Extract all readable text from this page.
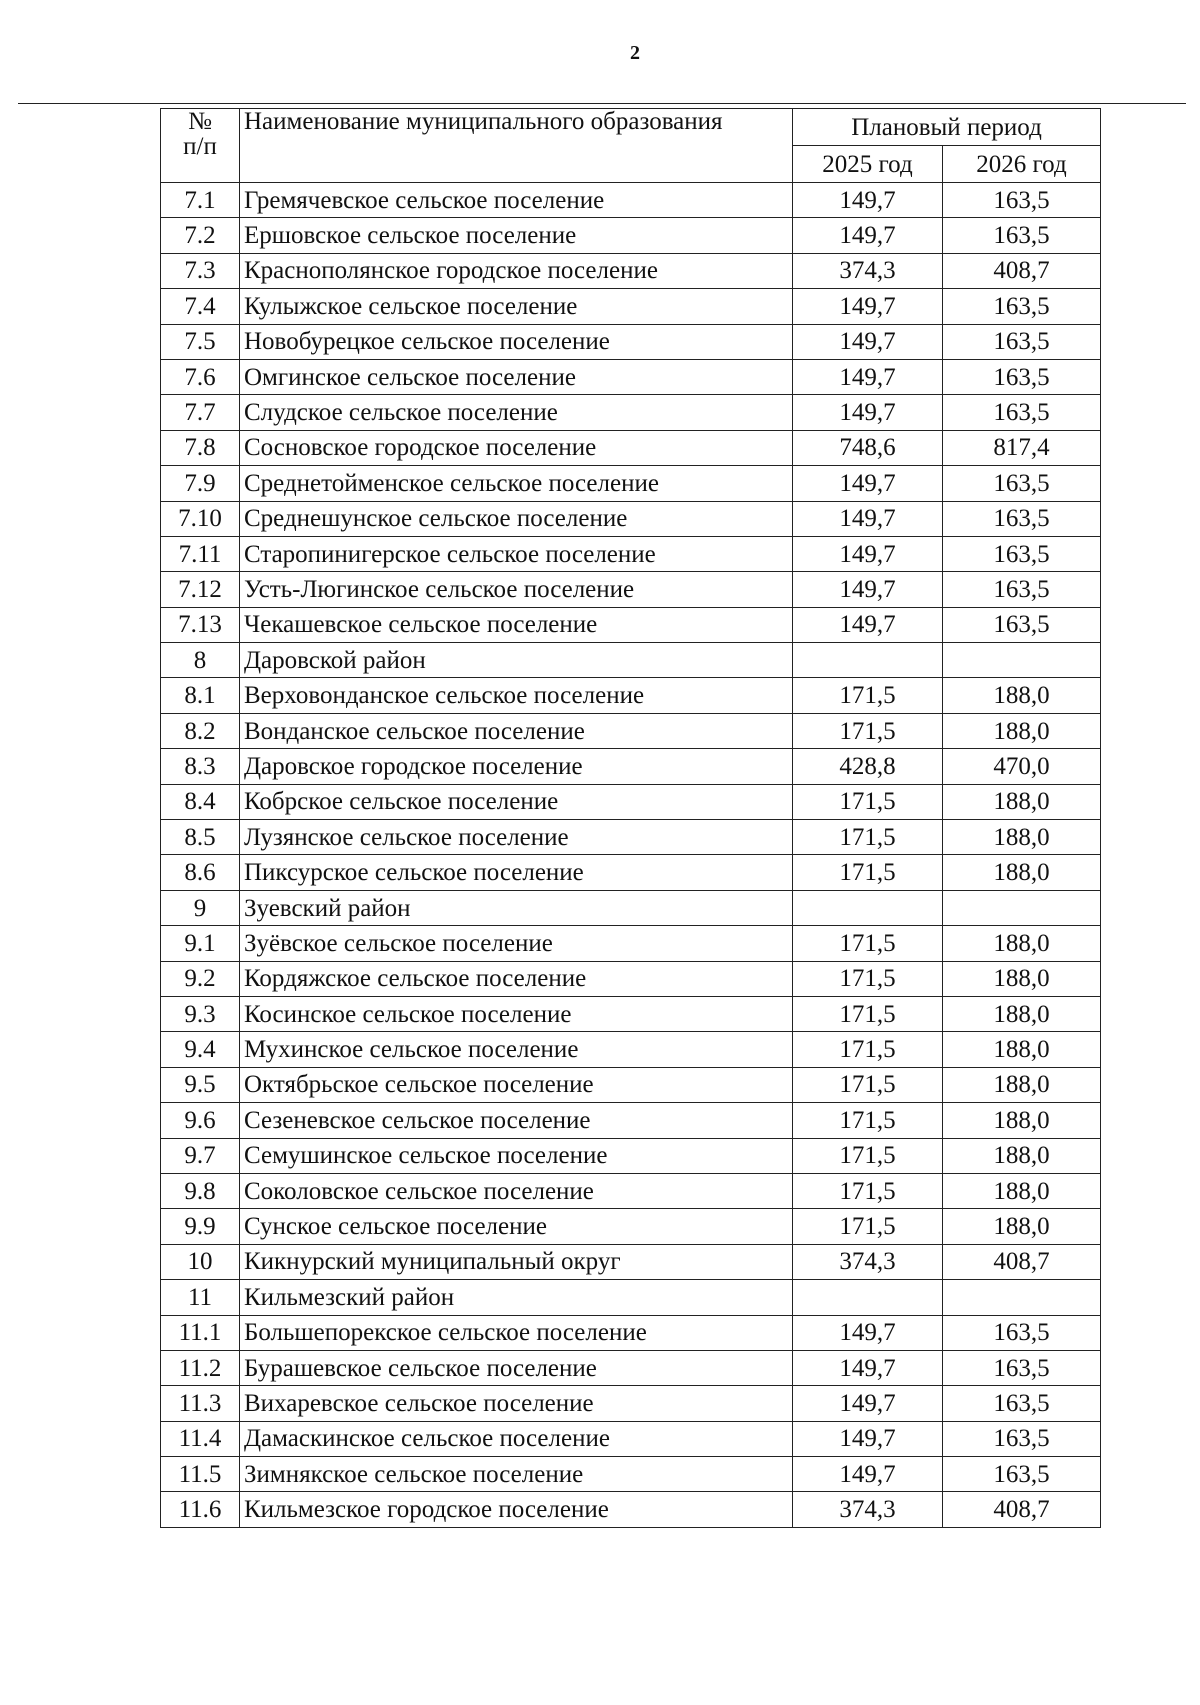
2
№
п/п	Наименование муниципального образования	Плановый период	
		2025 год	2026 год
7.1	Гремячевское сельское поселение	149,7	163,5
7.2	Ершовское сельское поселение	149,7	163,5
7.3	Краснополянское городское поселение	374,3	408,7
7.4	Кулыжское сельское поселение	149,7	163,5
7.5	Новобурецкое сельское поселение	149,7	163,5
7.6	Омгинское сельское поселение	149,7	163,5
7.7	Слудское сельское поселение	149,7	163,5
7.8	Сосновское городское поселение	748,6	817,4
7.9	Среднетойменское сельское поселение	149,7	163,5
7.10	Среднешунское сельское поселение	149,7	163,5
7.11	Старопинигерское сельское поселение	149,7	163,5
7.12	Усть-Люгинское сельское поселение	149,7	163,5
7.13	Чекашевское сельское поселение	149,7	163,5
8	Даровской район		
8.1	Верховонданское сельское поселение	171,5	188,0
8.2	Вонданское сельское поселение	171,5	188,0
8.3	Даровское городское поселение	428,8	470,0
8.4	Кобрское сельское поселение	171,5	188,0
8.5	Лузянское сельское поселение	171,5	188,0
8.6	Пиксурское сельское поселение	171,5	188,0
9	Зуевский район		
9.1	Зуёвское сельское поселение	171,5	188,0
9.2	Кордяжское сельское поселение	171,5	188,0
9.3	Косинское сельское поселение	171,5	188,0
9.4	Мухинское сельское поселение	171,5	188,0
9.5	Октябрьское сельское поселение	171,5	188,0
9.6	Сезеневское сельское поселение	171,5	188,0
9.7	Семушинское сельское поселение	171,5	188,0
9.8	Соколовское сельское поселение	171,5	188,0
9.9	Сунское сельское поселение	171,5	188,0
10	Кикнурский муниципальный округ	374,3	408,7
11	Кильмезский район		
11.1	Большепорекское сельское поселение	149,7	163,5
11.2	Бурашевское сельское поселение	149,7	163,5
11.3	Вихаревское сельское поселение	149,7	163,5
11.4	Дамаскинское сельское поселение	149,7	163,5
11.5	Зимнякское сельское поселение	149,7	163,5
11.6	Кильмезское городское поселение	374,3	408,7
